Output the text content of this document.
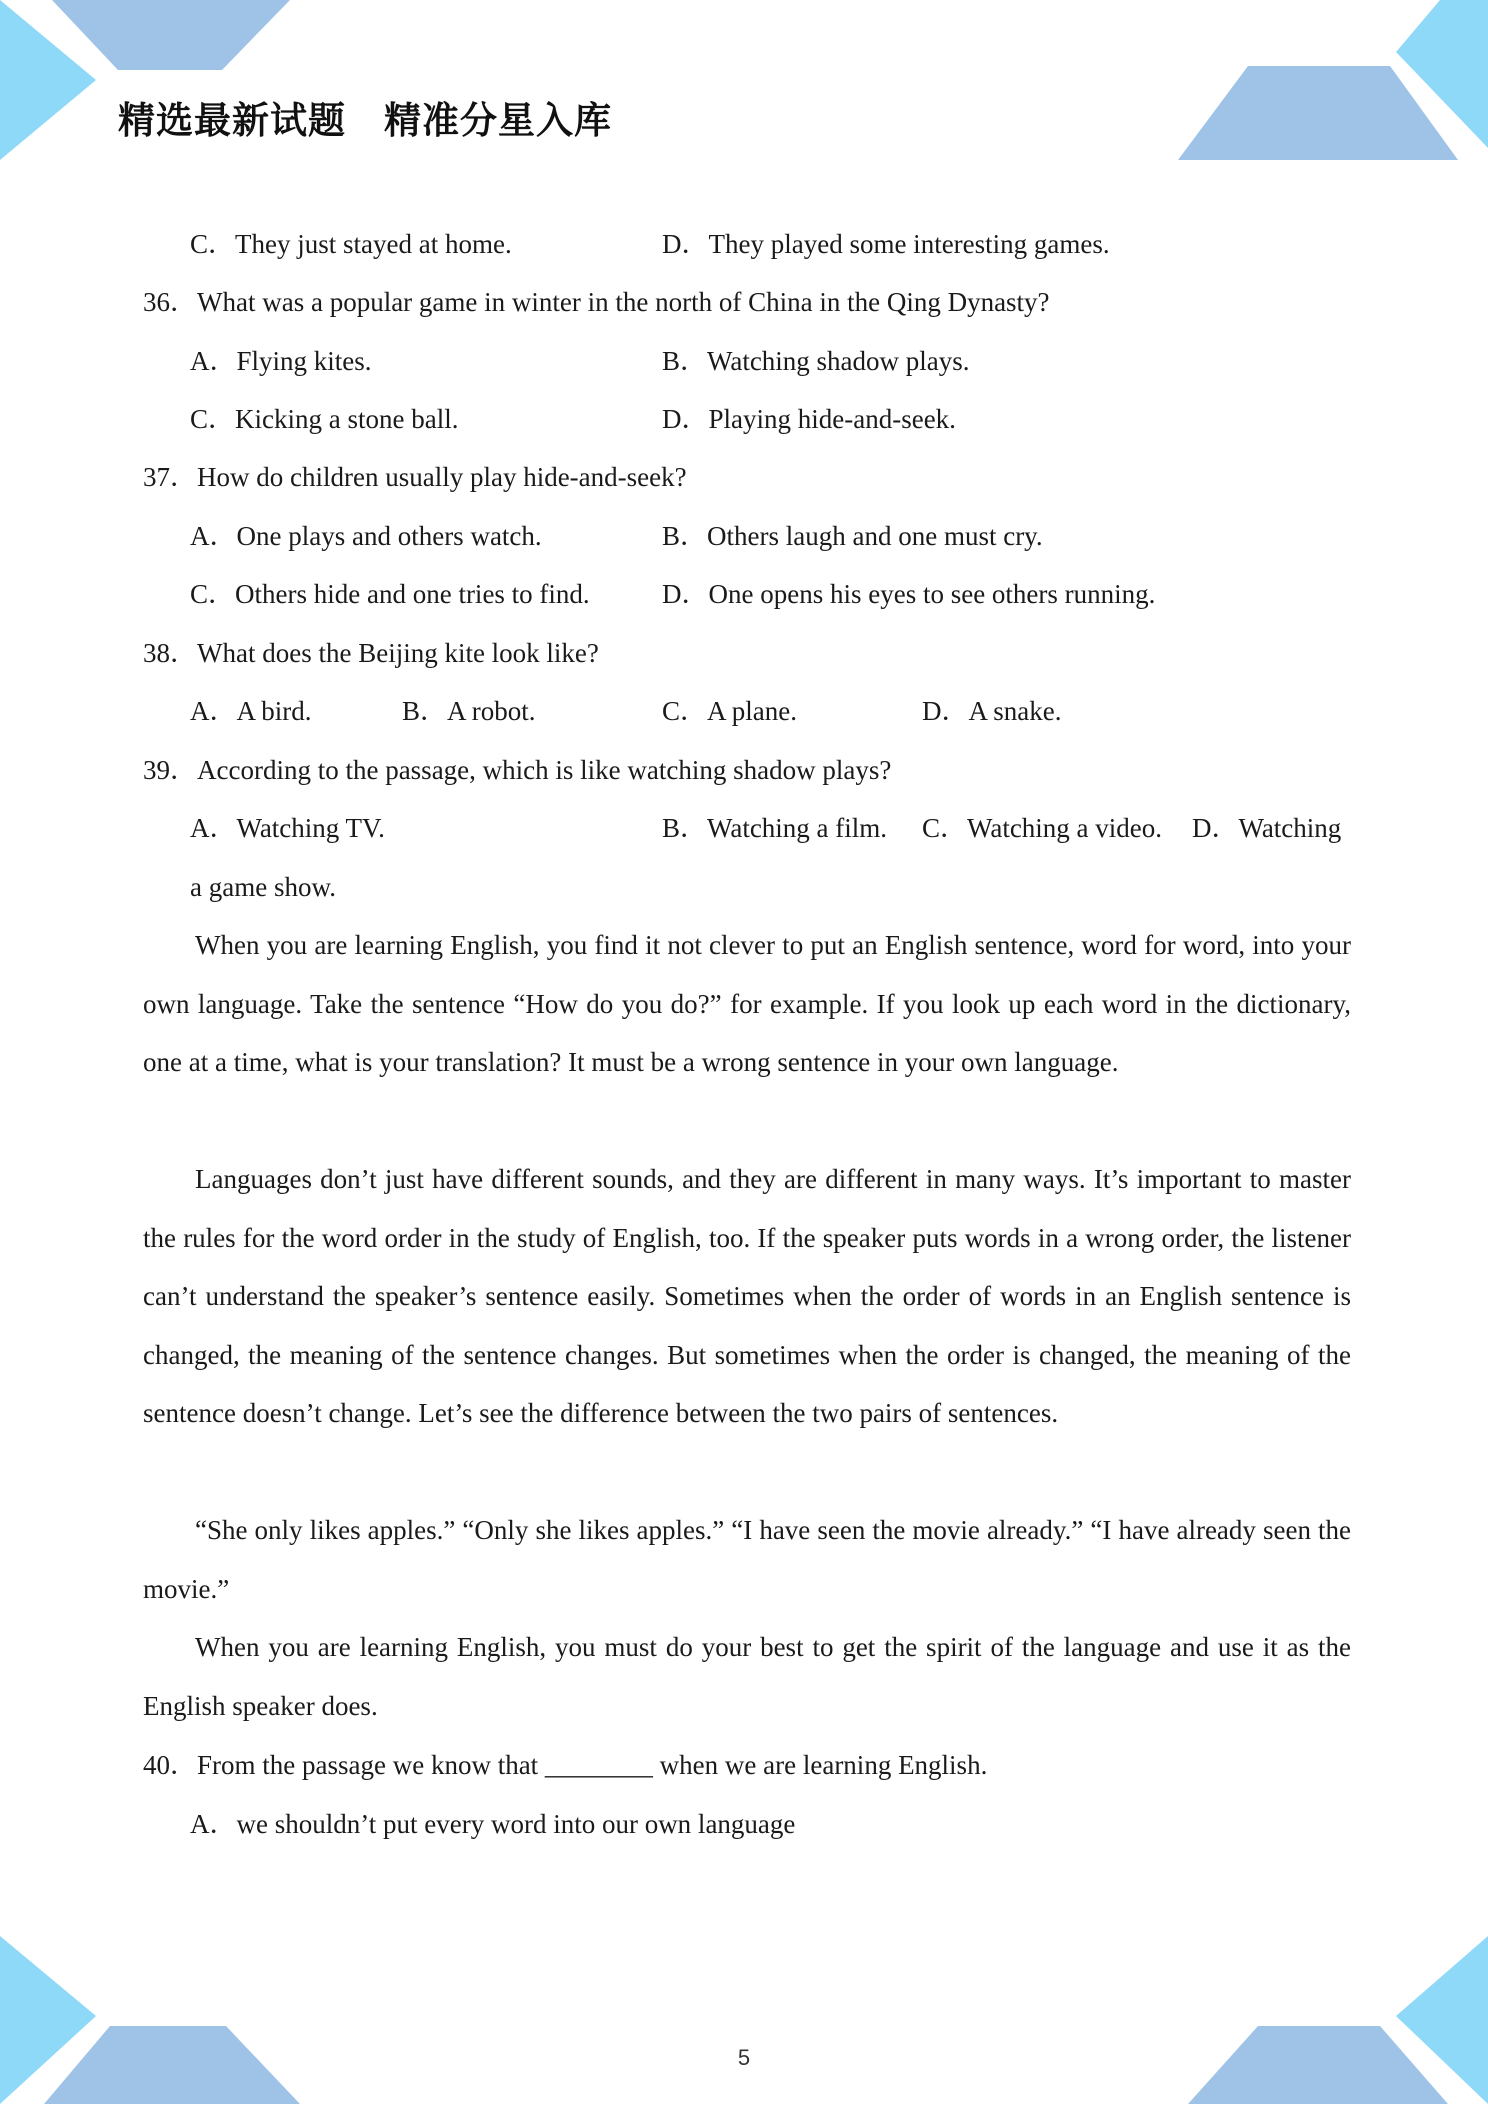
精选最新试题　精准分星入库
C．They just stayed at home.	D．They played some interesting games.
36．What was a popular game in winter in the north of China in the Qing Dynasty?
A．Flying kites.	B．Watching shadow plays.
C．Kicking a stone ball.	D．Playing hide-and-seek.
37．How do children usually play hide-and-seek?
A．One plays and others watch.	B．Others laugh and one must cry.
C．Others hide and one tries to find.	D．One opens his eyes to see others running.
38．What does the Beijing kite look like?
A．A bird.	B．A robot.	C．A plane.	D．A snake.
39．According to the passage, which is like watching shadow plays?
A．Watching TV.	B．Watching a film. C．Watching a video. D．Watching
a game show.
When you are learning English, you find it not clever to put an English sentence, word for word, into your own language. Take the sentence “How do you do?” for example. If you look up each word in the dictionary, one at a time, what is your translation? It must be a wrong sentence in your own language.
Languages don’t just have different sounds, and they are different in many ways. It’s important to master the rules for the word order in the study of English, too. If the speaker puts words in a wrong order, the listener can’t understand the speaker’s sentence easily. Sometimes when the order of words in an English sentence is changed, the meaning of the sentence changes. But sometimes when the order is changed, the meaning of the sentence doesn’t change. Let’s see the difference between the two pairs of sentences.
“She only likes apples.” “Only she likes apples.” “I have seen the movie already.” “I have already seen the movie.”
When you are learning English, you must do your best to get the spirit of the language and use it as the English speaker does.
40．From the passage we know that ________ when we are learning English.
A．we shouldn’t put every word into our own language
5
